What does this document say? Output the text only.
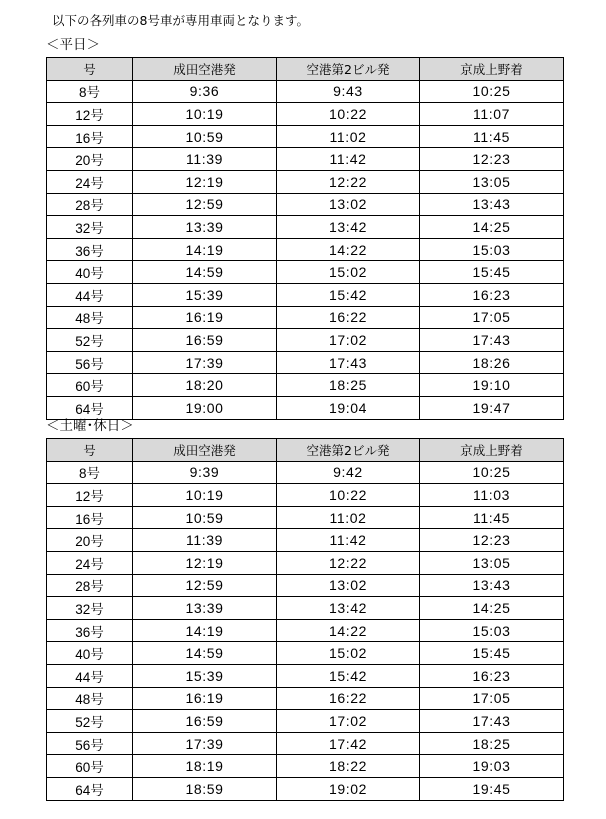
以下の各列車の8号車が専用車両となります。
＜平日＞
号	成田空港発	空港第2ビル発	京成上野着
8号	9:36	9:43	10:25
12号	10:19	10:22	11:07
16号	10:59	11:02	11:45
20号	11:39	11:42	12:23
24号	12:19	12:22	13:05
28号	12:59	13:02	13:43
32号	13:39	13:42	14:25
36号	14:19	14:22	15:03
40号	14:59	15:02	15:45
44号	15:39	15:42	16:23
48号	16:19	16:22	17:05
52号	16:59	17:02	17:43
56号	17:39	17:43	18:26
60号	18:20	18:25	19:10
64号	19:00	19:04	19:47
＜土曜･休日＞
号	成田空港発	空港第2ビル発	京成上野着
8号	9:39	9:42	10:25
12号	10:19	10:22	11:03
16号	10:59	11:02	11:45
20号	11:39	11:42	12:23
24号	12:19	12:22	13:05
28号	12:59	13:02	13:43
32号	13:39	13:42	14:25
36号	14:19	14:22	15:03
40号	14:59	15:02	15:45
44号	15:39	15:42	16:23
48号	16:19	16:22	17:05
52号	16:59	17:02	17:43
56号	17:39	17:42	18:25
60号	18:19	18:22	19:03
64号	18:59	19:02	19:45
